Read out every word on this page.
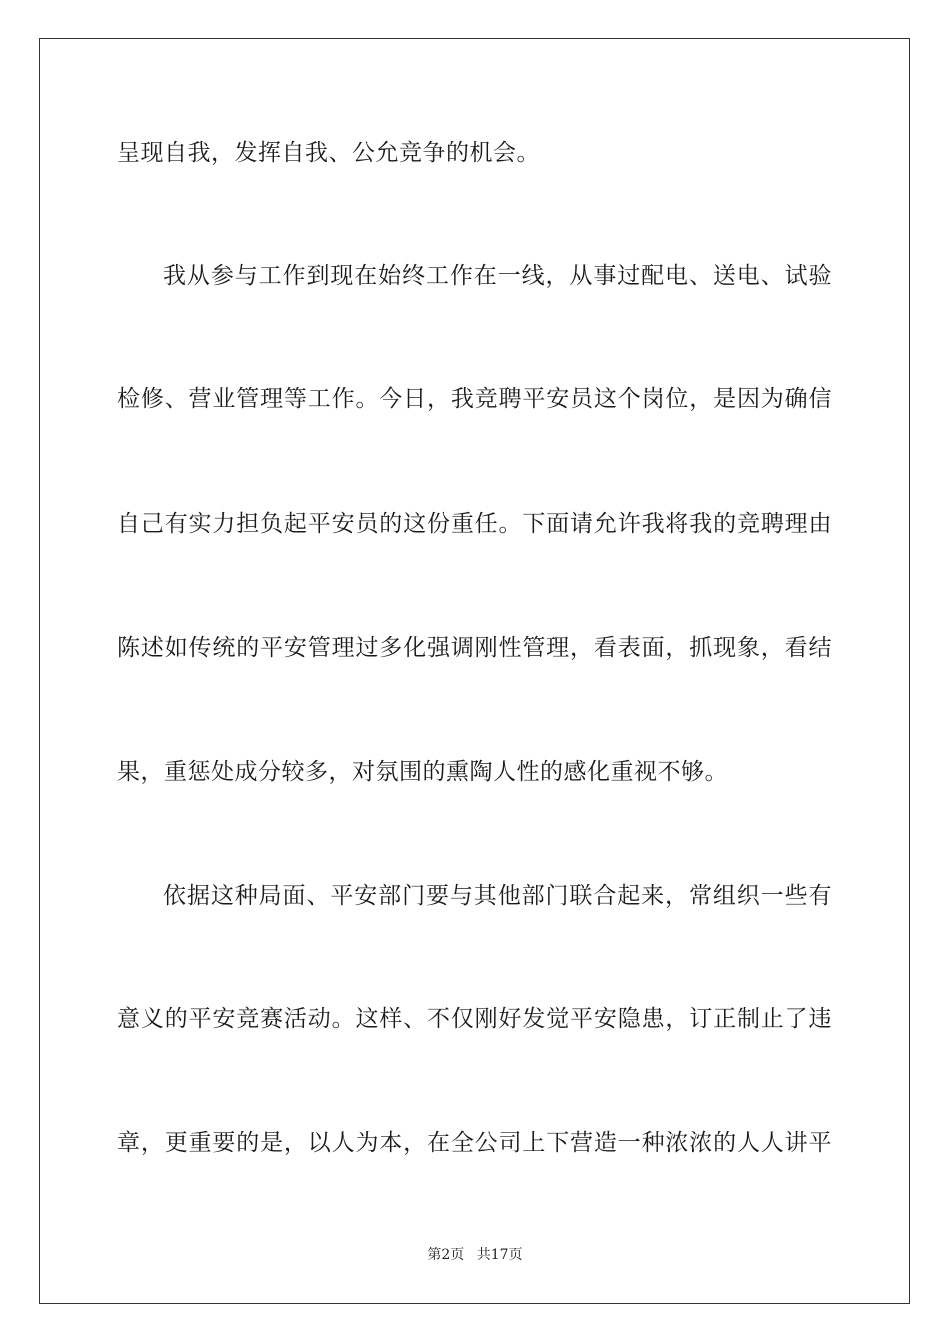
呈现自我，发挥自我、公允竞争的机会。
我从参与工作到现在始终工作在一线，从事过配电、送电、试验
检修、营业管理等工作。今日，我竞聘平安员这个岗位，是因为确信
自己有实力担负起平安员的这份重任。下面请允许我将我的竞聘理由
陈述如传统的平安管理过多化强调刚性管理，看表面，抓现象，看结
果，重惩处成分较多，对氛围的熏陶人性的感化重视不够。
依据这种局面、平安部门要与其他部门联合起来，常组织一些有
意义的平安竞赛活动。这样、不仅刚好发觉平安隐患，订正制止了违
章，更重要的是，以人为本，在全公司上下营造一种浓浓的人人讲平
第2页 共17页
